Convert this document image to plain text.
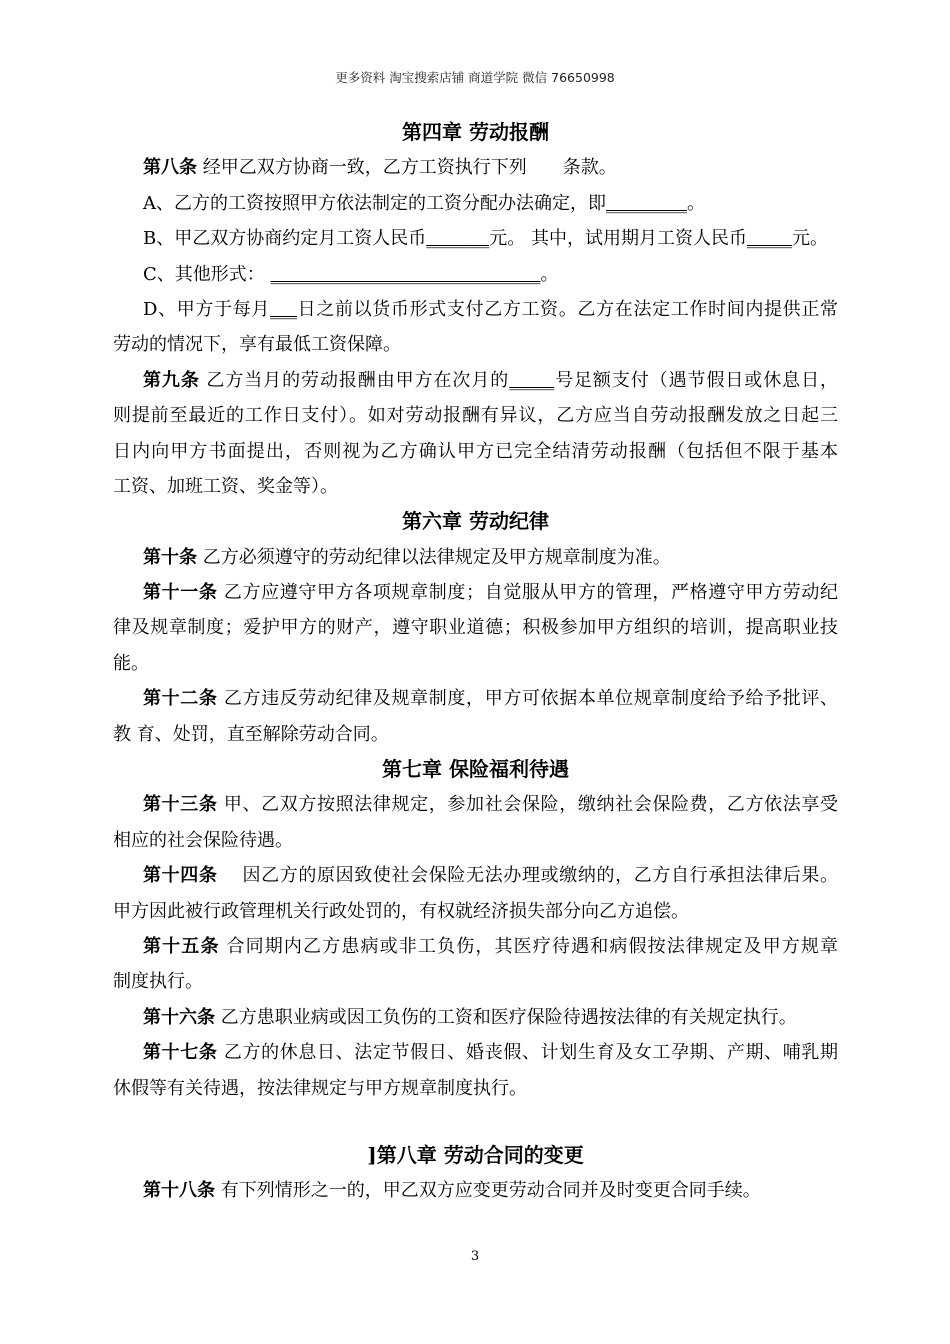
更多资料 淘宝搜索店铺 商道学院 微信 76650998
第四章 劳动报酬
第八条 经甲乙双方协商一致，乙方工资执行下列　　条款。
A、乙方的工资按照甲方依法制定的工资分配办法确定，即_________。
B、甲乙双方协商约定月工资人民币_______元。 其中，试用期月工资人民币_____元。
C、其他形式： ______________________________。
D、甲方于每月___日之前以货币形式支付乙方工资。乙方在法定工作时间内提供正常
劳动的情况下，享有最低工资保障。
第九条 乙方当月的劳动报酬由甲方在次月的_____号足额支付（遇节假日或休息日，
则提前至最近的工作日支付）。如对劳动报酬有异议，乙方应当自劳动报酬发放之日起三
日内向甲方书面提出，否则视为乙方确认甲方已完全结清劳动报酬（包括但不限于基本
工资、加班工资、奖金等）。
第六章 劳动纪律
第十条 乙方必须遵守的劳动纪律以法律规定及甲方规章制度为准。
第十一条 乙方应遵守甲方各项规章制度；自觉服从甲方的管理，严格遵守甲方劳动纪
律及规章制度；爱护甲方的财产，遵守职业道德；积极参加甲方组织的培训，提高职业技
能。
第十二条 乙方违反劳动纪律及规章制度，甲方可依据本单位规章制度给予给予批评、
教 育、处罚，直至解除劳动合同。
第七章 保险福利待遇
第十三条 甲、乙双方按照法律规定，参加社会保险，缴纳社会保险费，乙方依法享受
相应的社会保险待遇。
第十四条　 因乙方的原因致使社会保险无法办理或缴纳的，乙方自行承担法律后果。
甲方因此被行政管理机关行政处罚的，有权就经济损失部分向乙方追偿。
第十五条 合同期内乙方患病或非工负伤，其医疗待遇和病假按法律规定及甲方规章
制度执行。
第十六条 乙方患职业病或因工负伤的工资和医疗保险待遇按法律的有关规定执行。
第十七条 乙方的休息日、法定节假日、婚丧假、计划生育及女工孕期、产期、哺乳期
休假等有关待遇，按法律规定与甲方规章制度执行。
]第八章 劳动合同的变更
第十八条 有下列情形之一的，甲乙双方应变更劳动合同并及时变更合同手续。
3
